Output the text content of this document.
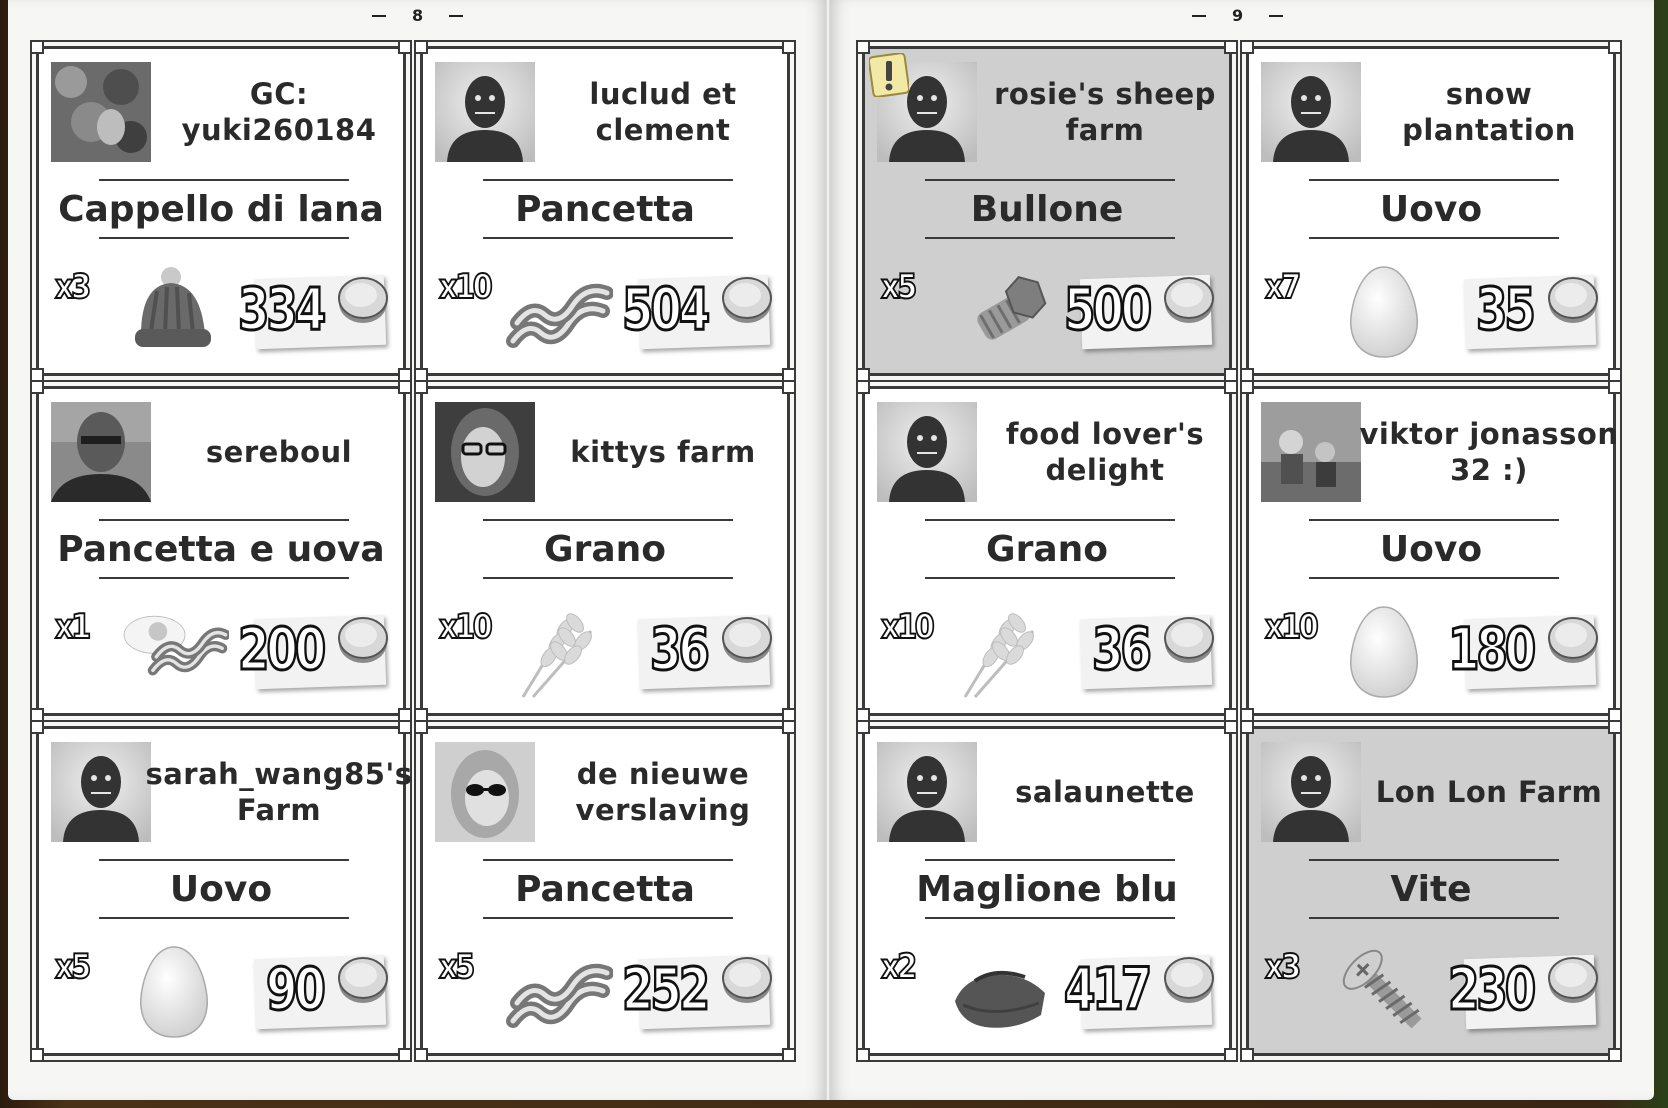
8	9
GC: yuki260184
Cappello di lana
x3	334
luclud et clement
Pancetta
x10 504
rosie's sheep farm
Bullone
x5	500
snow plantation
Uovo
x7	35
sereboul
Pancetta e uova
x1	200
kittys farm
Grano
x10	36
food lover's delight
Grano
x10	36
viktor jonasson 32 :)
Uovo
x10 180
sarah_wang85's Farm
Uovo
x5	90
de nieuwe verslaving
Pancetta
x5	252
salaunette
Maglione blu
x2	417
Lon Lon Farm
Vite
x3	230
